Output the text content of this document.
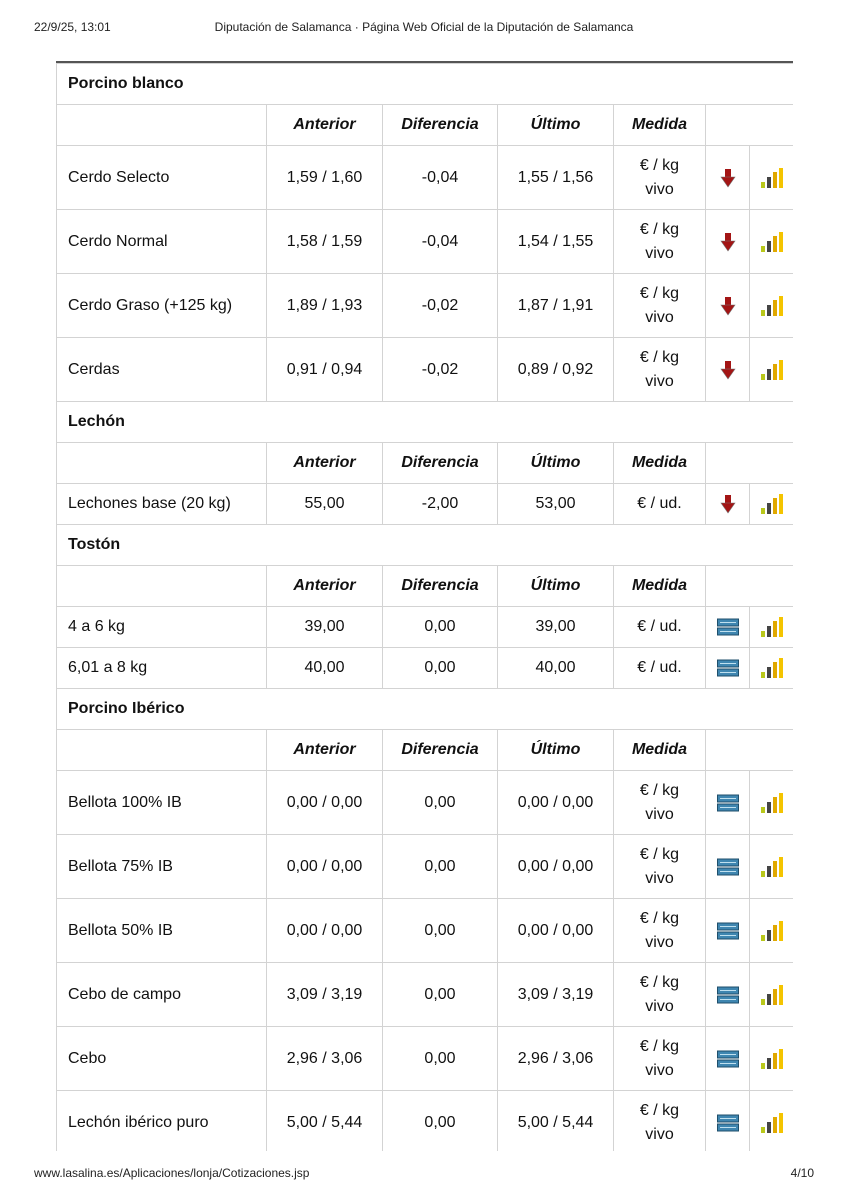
22/9/25, 13:01	Diputación de Salamanca · Página Web Oficial de la Diputación de Salamanca
Porcino blanco						
	Anterior	Diferencia	Último	Medida		
Cerdo Selecto	1,59 / 1,60	-0,04	1,55 / 1,56	€ / kg
vivo

Cerdo Normal	1,58 / 1,59	-0,04	1,54 / 1,55	€ / kg
vivo

Cerdo Graso (+125 kg)	1,89 / 1,93	-0,02	1,87 / 1,91	€ / kg
vivo

Cerdas	0,91 / 0,94	-0,02	0,89 / 0,92	€ / kg
vivo

Lechón						
	Anterior	Diferencia	Último	Medida		
Lechones base (20 kg)	55,00	-2,00	53,00	€ / ud.

Tostón						
	Anterior	Diferencia	Último	Medida		
4 a 6 kg	39,00	0,00	39,00	€ / ud.

6,01 a 8 kg	40,00	0,00	40,00	€ / ud.

Porcino Ibérico						
	Anterior	Diferencia	Último	Medida		
Bellota 100% IB	0,00 / 0,00	0,00	0,00 / 0,00	€ / kg
vivo

Bellota 75% IB	0,00 / 0,00	0,00	0,00 / 0,00	€ / kg
vivo

Bellota 50% IB	0,00 / 0,00	0,00	0,00 / 0,00	€ / kg
vivo

Cebo de campo	3,09 / 3,19	0,00	3,09 / 3,19	€ / kg
vivo

Cebo	2,96 / 3,06	0,00	2,96 / 3,06	€ / kg
vivo

Lechón ibérico puro	5,00 / 5,44	0,00	5,00 / 5,44	€ / kg
vivo

www.lasalina.es/Aplicaciones/lonja/Cotizaciones.jsp	4/10
